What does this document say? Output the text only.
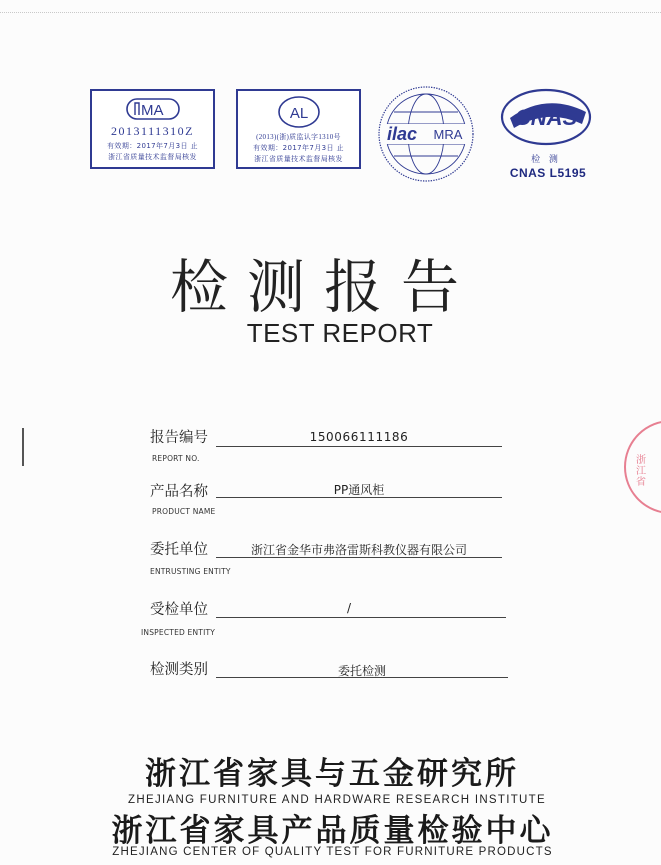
MA
2013111310Z
有效期：2017年7月3日 止
浙江省质量技术监督局核发
AL
(2013)(浙)质监认字1310号
有效期：2017年7月3日 止
浙江省质量技术监督局核发
ilac MRA
CNAS
检 测
CNAS L5195
检测报告
TEST REPORT
报告编号
REPORT NO.
150066111186
产品名称
PRODUCT NAME
PP通风柜
委托单位
ENTRUSTING ENTITY
浙江省金华市弗洛雷斯科教仪器有限公司
受检单位
INSPECTED ENTITY
/
检测类别	委托检测
浙江省家具与五金研究所
ZHEJIANG FURNITURE AND HARDWARE RESEARCH INSTITUTE
浙江省家具产品质量检验中心
ZHEJIANG CENTER OF QUALITY TEST FOR FURNITURE PRODUCTS
浙江省
